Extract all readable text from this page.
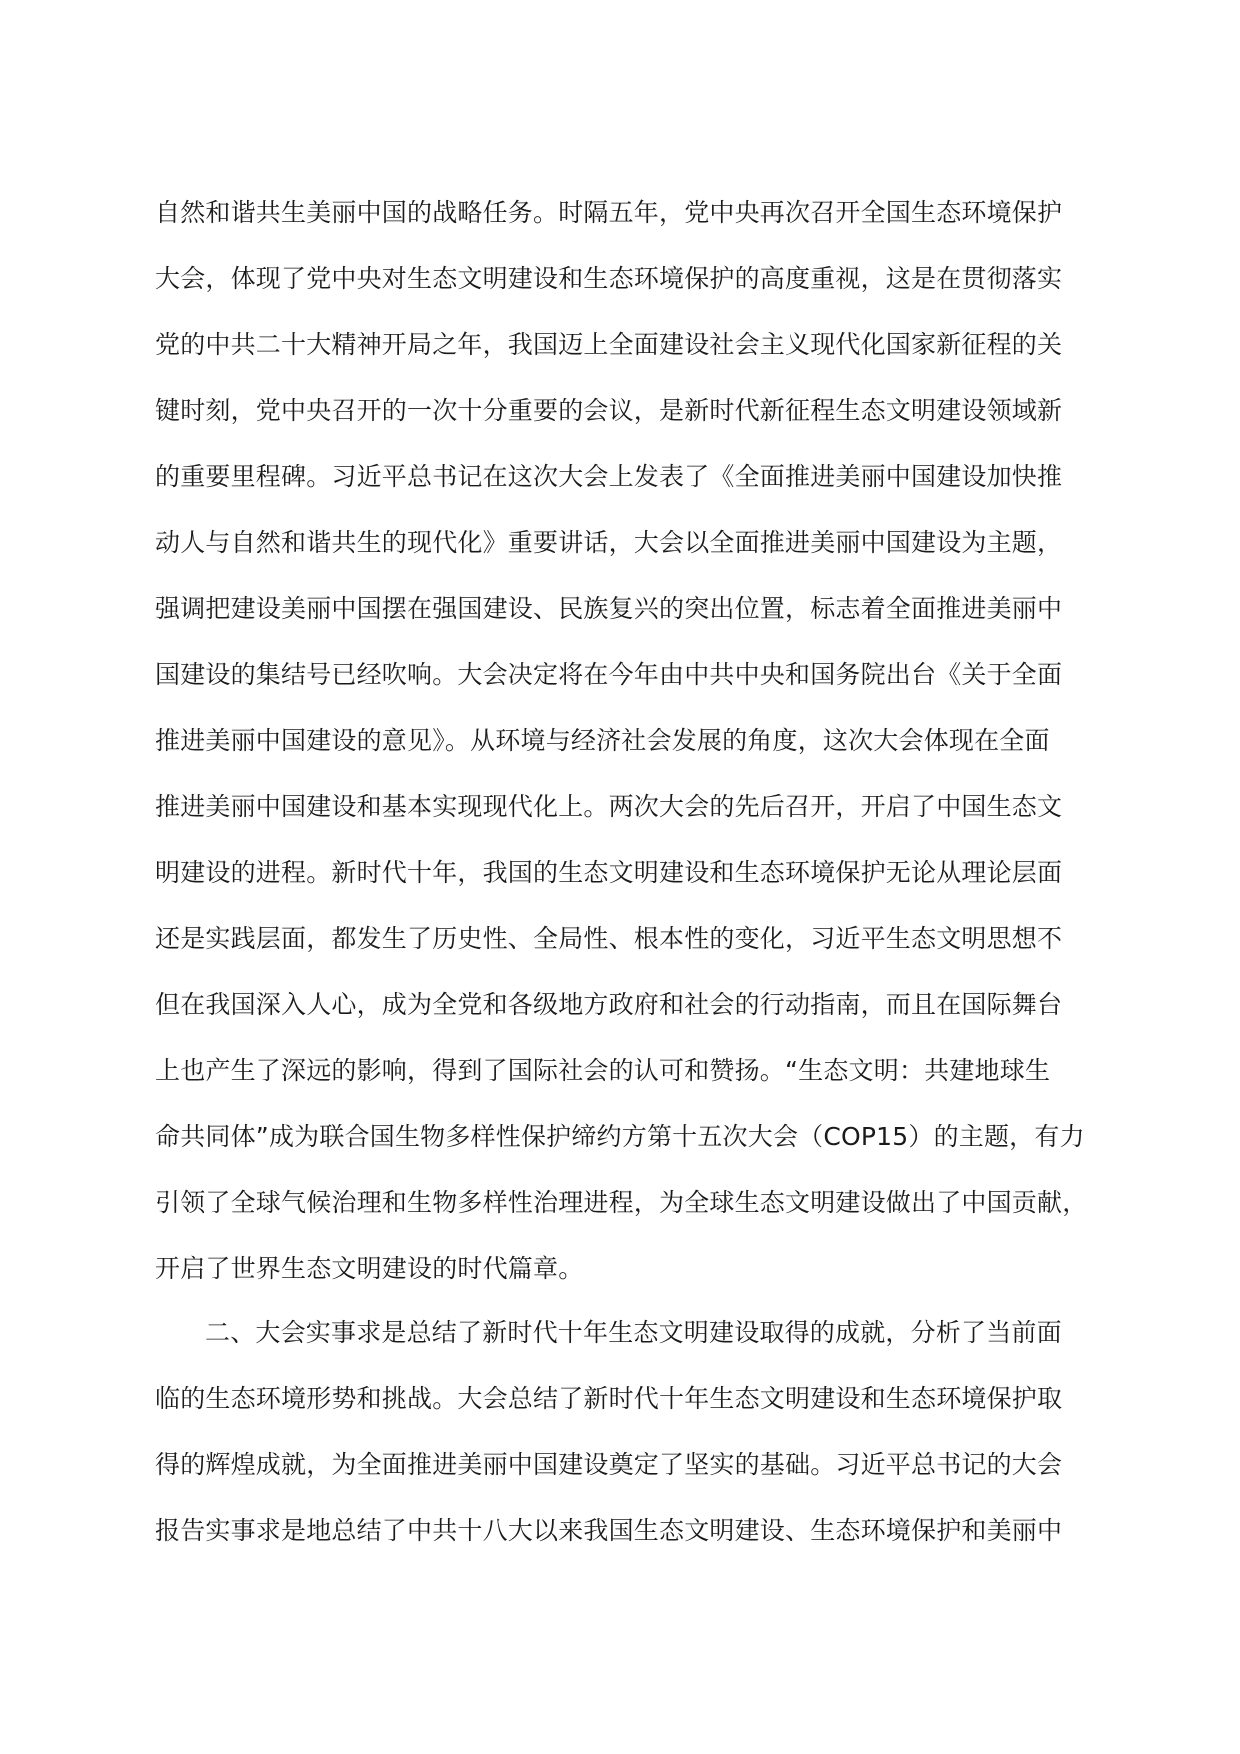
自然和谐共生美丽中国的战略任务。时隔五年，党中央再次召开全国生态环境保护
大会，体现了党中央对生态文明建设和生态环境保护的高度重视，这是在贯彻落实
党的中共二十大精神开局之年，我国迈上全面建设社会主义现代化国家新征程的关
键时刻，党中央召开的一次十分重要的会议，是新时代新征程生态文明建设领域新
的重要里程碑。习近平总书记在这次大会上发表了《全面推进美丽中国建设加快推
动人与自然和谐共生的现代化》重要讲话，大会以全面推进美丽中国建设为主题，
强调把建设美丽中国摆在强国建设、民族复兴的突出位置，标志着全面推进美丽中
国建设的集结号已经吹响。大会决定将在今年由中共中央和国务院出台《关于全面
推进美丽中国建设的意见》。从环境与经济社会发展的角度，这次大会体现在全面
推进美丽中国建设和基本实现现代化上。两次大会的先后召开，开启了中国生态文
明建设的进程。新时代十年，我国的生态文明建设和生态环境保护无论从理论层面
还是实践层面，都发生了历史性、全局性、根本性的变化，习近平生态文明思想不
但在我国深入人心，成为全党和各级地方政府和社会的行动指南，而且在国际舞台
上也产生了深远的影响，得到了国际社会的认可和赞扬。“生态文明：共建地球生
命共同体”成为联合国生物多样性保护缔约方第十五次大会（COP15）的主题，有力
引领了全球气候治理和生物多样性治理进程，为全球生态文明建设做出了中国贡献，
开启了世界生态文明建设的时代篇章。
二、大会实事求是总结了新时代十年生态文明建设取得的成就，分析了当前面
临的生态环境形势和挑战。大会总结了新时代十年生态文明建设和生态环境保护取
得的辉煌成就，为全面推进美丽中国建设奠定了坚实的基础。习近平总书记的大会
报告实事求是地总结了中共十八大以来我国生态文明建设、生态环境保护和美丽中
